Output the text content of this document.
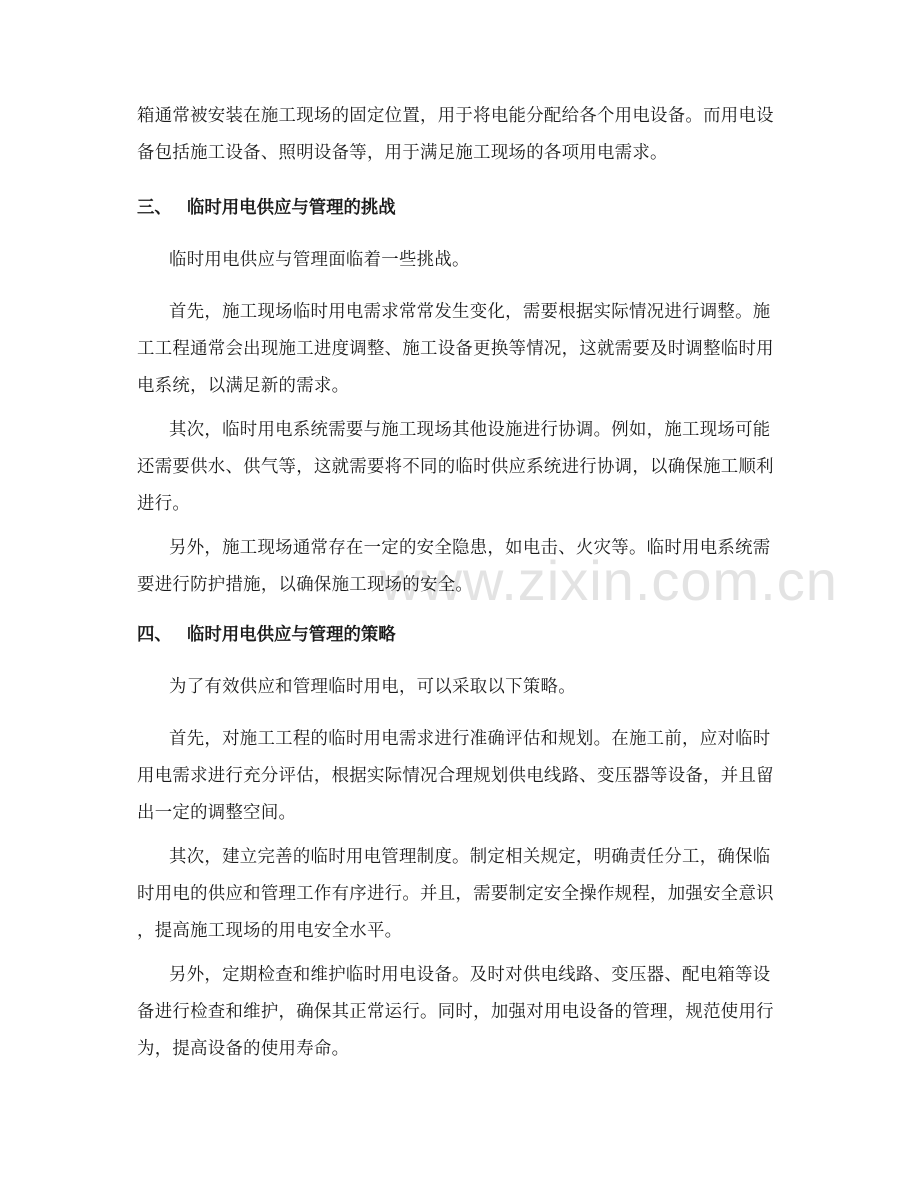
www.zixin.com.cn
箱通常被安装在施工现场的固定位置，用于将电能分配给各个用电设备。而用电设
备包括施工设备、照明设备等，用于满足施工现场的各项用电需求。
三、 临时用电供应与管理的挑战
临时用电供应与管理面临着一些挑战。
首先，施工现场临时用电需求常常发生变化，需要根据实际情况进行调整。施
工工程通常会出现施工进度调整、施工设备更换等情况，这就需要及时调整临时用
电系统，以满足新的需求。
其次，临时用电系统需要与施工现场其他设施进行协调。例如，施工现场可能
还需要供水、供气等，这就需要将不同的临时供应系统进行协调，以确保施工顺利
进行。
另外，施工现场通常存在一定的安全隐患，如电击、火灾等。临时用电系统需
要进行防护措施，以确保施工现场的安全。
四、 临时用电供应与管理的策略
为了有效供应和管理临时用电，可以采取以下策略。
首先，对施工工程的临时用电需求进行准确评估和规划。在施工前，应对临时
用电需求进行充分评估，根据实际情况合理规划供电线路、变压器等设备，并且留
出一定的调整空间。
其次，建立完善的临时用电管理制度。制定相关规定，明确责任分工，确保临
时用电的供应和管理工作有序进行。并且，需要制定安全操作规程，加强安全意识
，提高施工现场的用电安全水平。
另外，定期检查和维护临时用电设备。及时对供电线路、变压器、配电箱等设
备进行检查和维护，确保其正常运行。同时，加强对用电设备的管理，规范使用行
为，提高设备的使用寿命。
